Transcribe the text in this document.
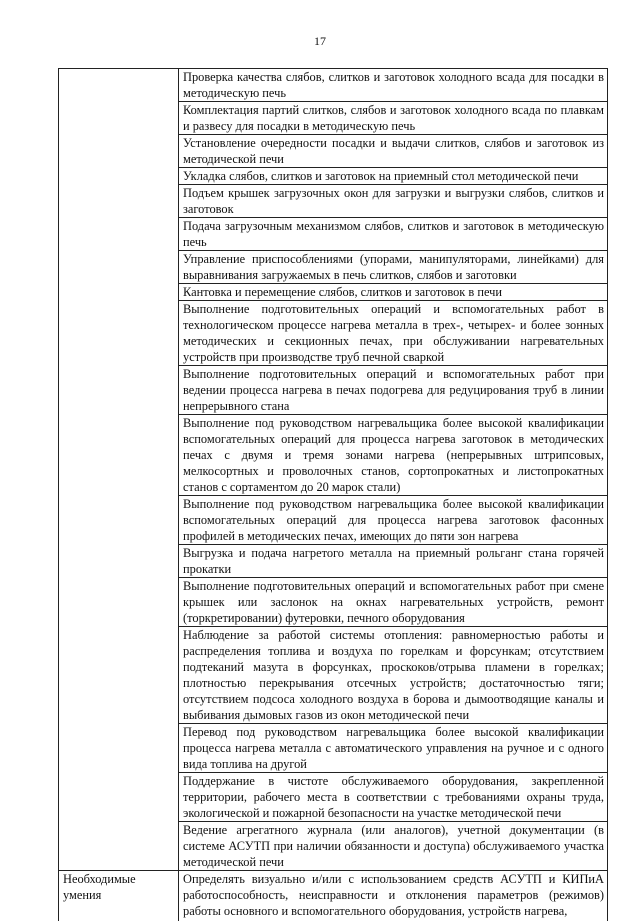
17

	Проверка качества слябов, слитков и заготовок холодного всада для посадки в методическую печь

	Комплектация партий слитков, слябов и заготовок холодного всада по плавкам и развесу для посадки в методическую печь

	Установление очередности посадки и выдачи слитков, слябов и заготовок из методической печи

	Укладка слябов, слитков и заготовок на приемный стол методической печи

	Подъем крышек загрузочных окон для загрузки и выгрузки слябов, слитков и заготовок

	Подача загрузочным механизмом слябов, слитков и заготовок в методическую печь

	Управление приспособлениями (упорами, манипуляторами, линейками) для выравнивания загружаемых в печь слитков, слябов и заготовки

	Кантовка и перемещение слябов, слитков и заготовок в печи

	Выполнение подготовительных операций и вспомогательных работ в технологическом процессе нагрева металла в трех-, четырех- и более зонных методических и секционных печах, при обслуживании нагревательных устройств при производстве труб печной сваркой

	Выполнение подготовительных операций и вспомогательных работ при ведении процесса нагрева в печах подогрева для редуцирования труб в линии непрерывного стана

	Выполнение под руководством нагревальщика более высокой квалификации вспомогательных операций для процесса нагрева заготовок в методических печах с двумя и тремя зонами нагрева (непрерывных штрипсовых, мелкосортных и проволочных станов, сортопрокатных и листопрокатных станов с сортаментом до 20 марок стали)

	Выполнение под руководством нагревальщика более высокой квалификации вспомогательных операций для процесса нагрева заготовок фасонных профилей в методических печах, имеющих до пяти зон нагрева

	Выгрузка и подача нагретого металла на приемный рольганг стана горячей прокатки

	Выполнение подготовительных операций и вспомогательных работ при смене крышек или заслонок на окнах нагревательных устройств, ремонт (торкретировании) футеровки, печного оборудования

	Наблюдение за работой системы отопления: равномерностью работы и распределения топлива и воздуха по горелкам и форсункам; отсутствием подтеканий мазута в форсунках, проскоков/отрыва пламени в горелках; плотностью перекрывания отсечных устройств; достаточностью тяги; отсутствием подсоса холодного воздуха в борова и дымоотводящие каналы и выбивания дымовых газов из окон методической печи

	Перевод под руководством нагревальщика более высокой квалификации процесса нагрева металла с автоматического управления на ручное и с одного вида топлива на другой

	Поддержание в чистоте обслуживаемого оборудования, закрепленной территории, рабочего места в соответствии с требованиями охраны труда, экологической и пожарной безопасности на участке методической печи

	Ведение агрегатного журнала (или аналогов), учетной документации (в системе АСУТП при наличии обязанности и доступа) обслуживаемого участка методической печи

Необходимые умения	Определять визуально и/или с использованием средств АСУТП и КИПиА работоспособность, неисправности и отклонения параметров (режимов) работы основного и вспомогательного оборудования, устройств нагрева,
